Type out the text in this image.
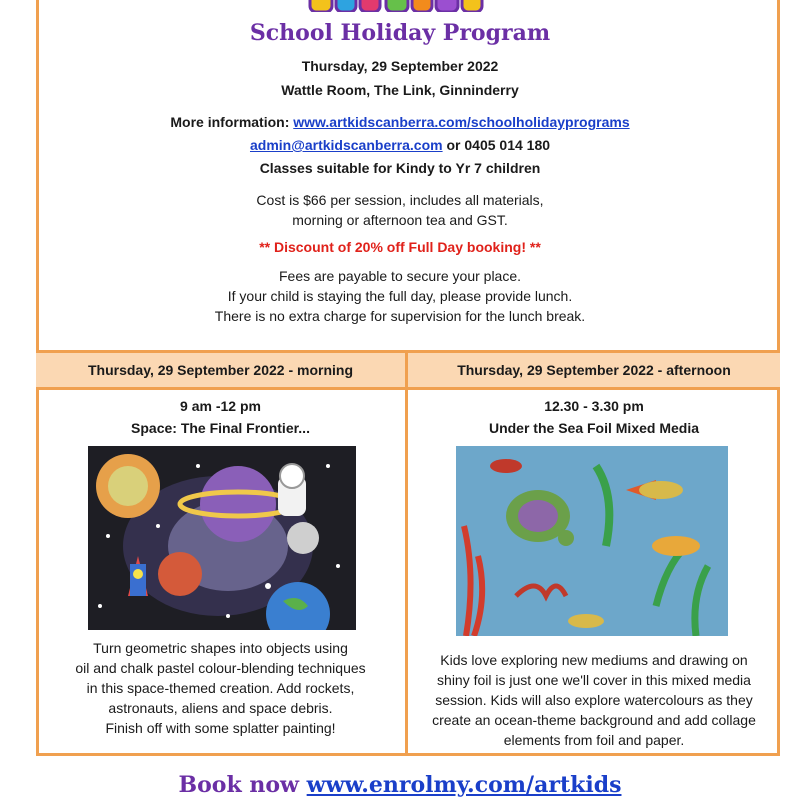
School Holiday Program
Thursday, 29 September 2022
Wattle Room, The Link, Ginninderry
More information: www.artkidscanberra.com/schoolholidayprograms
admin@artkidscanberra.com or 0405 014 180
Classes suitable for Kindy to Yr 7 children
Cost is $66 per session, includes all materials,
morning or afternoon tea and GST.
** Discount of 20% off Full Day booking! **
Fees are payable to secure your place.
If your child is staying the full day, please provide lunch.
There is no extra charge for supervision for the lunch break.
Thursday, 29 September 2022 - morning
9 am -12 pm
Space: The Final Frontier...
Turn geometric shapes into objects using
oil and chalk pastel colour-blending techniques
in this space-themed creation. Add rockets,
astronauts, aliens and space debris.
Finish off with some splatter painting!
Thursday, 29 September 2022 - afternoon
12.30 - 3.30 pm
Under the Sea Foil Mixed Media
Kids love exploring new mediums and drawing on
shiny foil is just one we'll cover in this mixed media
session. Kids will also explore watercolours as they
create an ocean-theme background and add collage
elements from foil and paper.
Book now www.enrolmy.com/artkids
